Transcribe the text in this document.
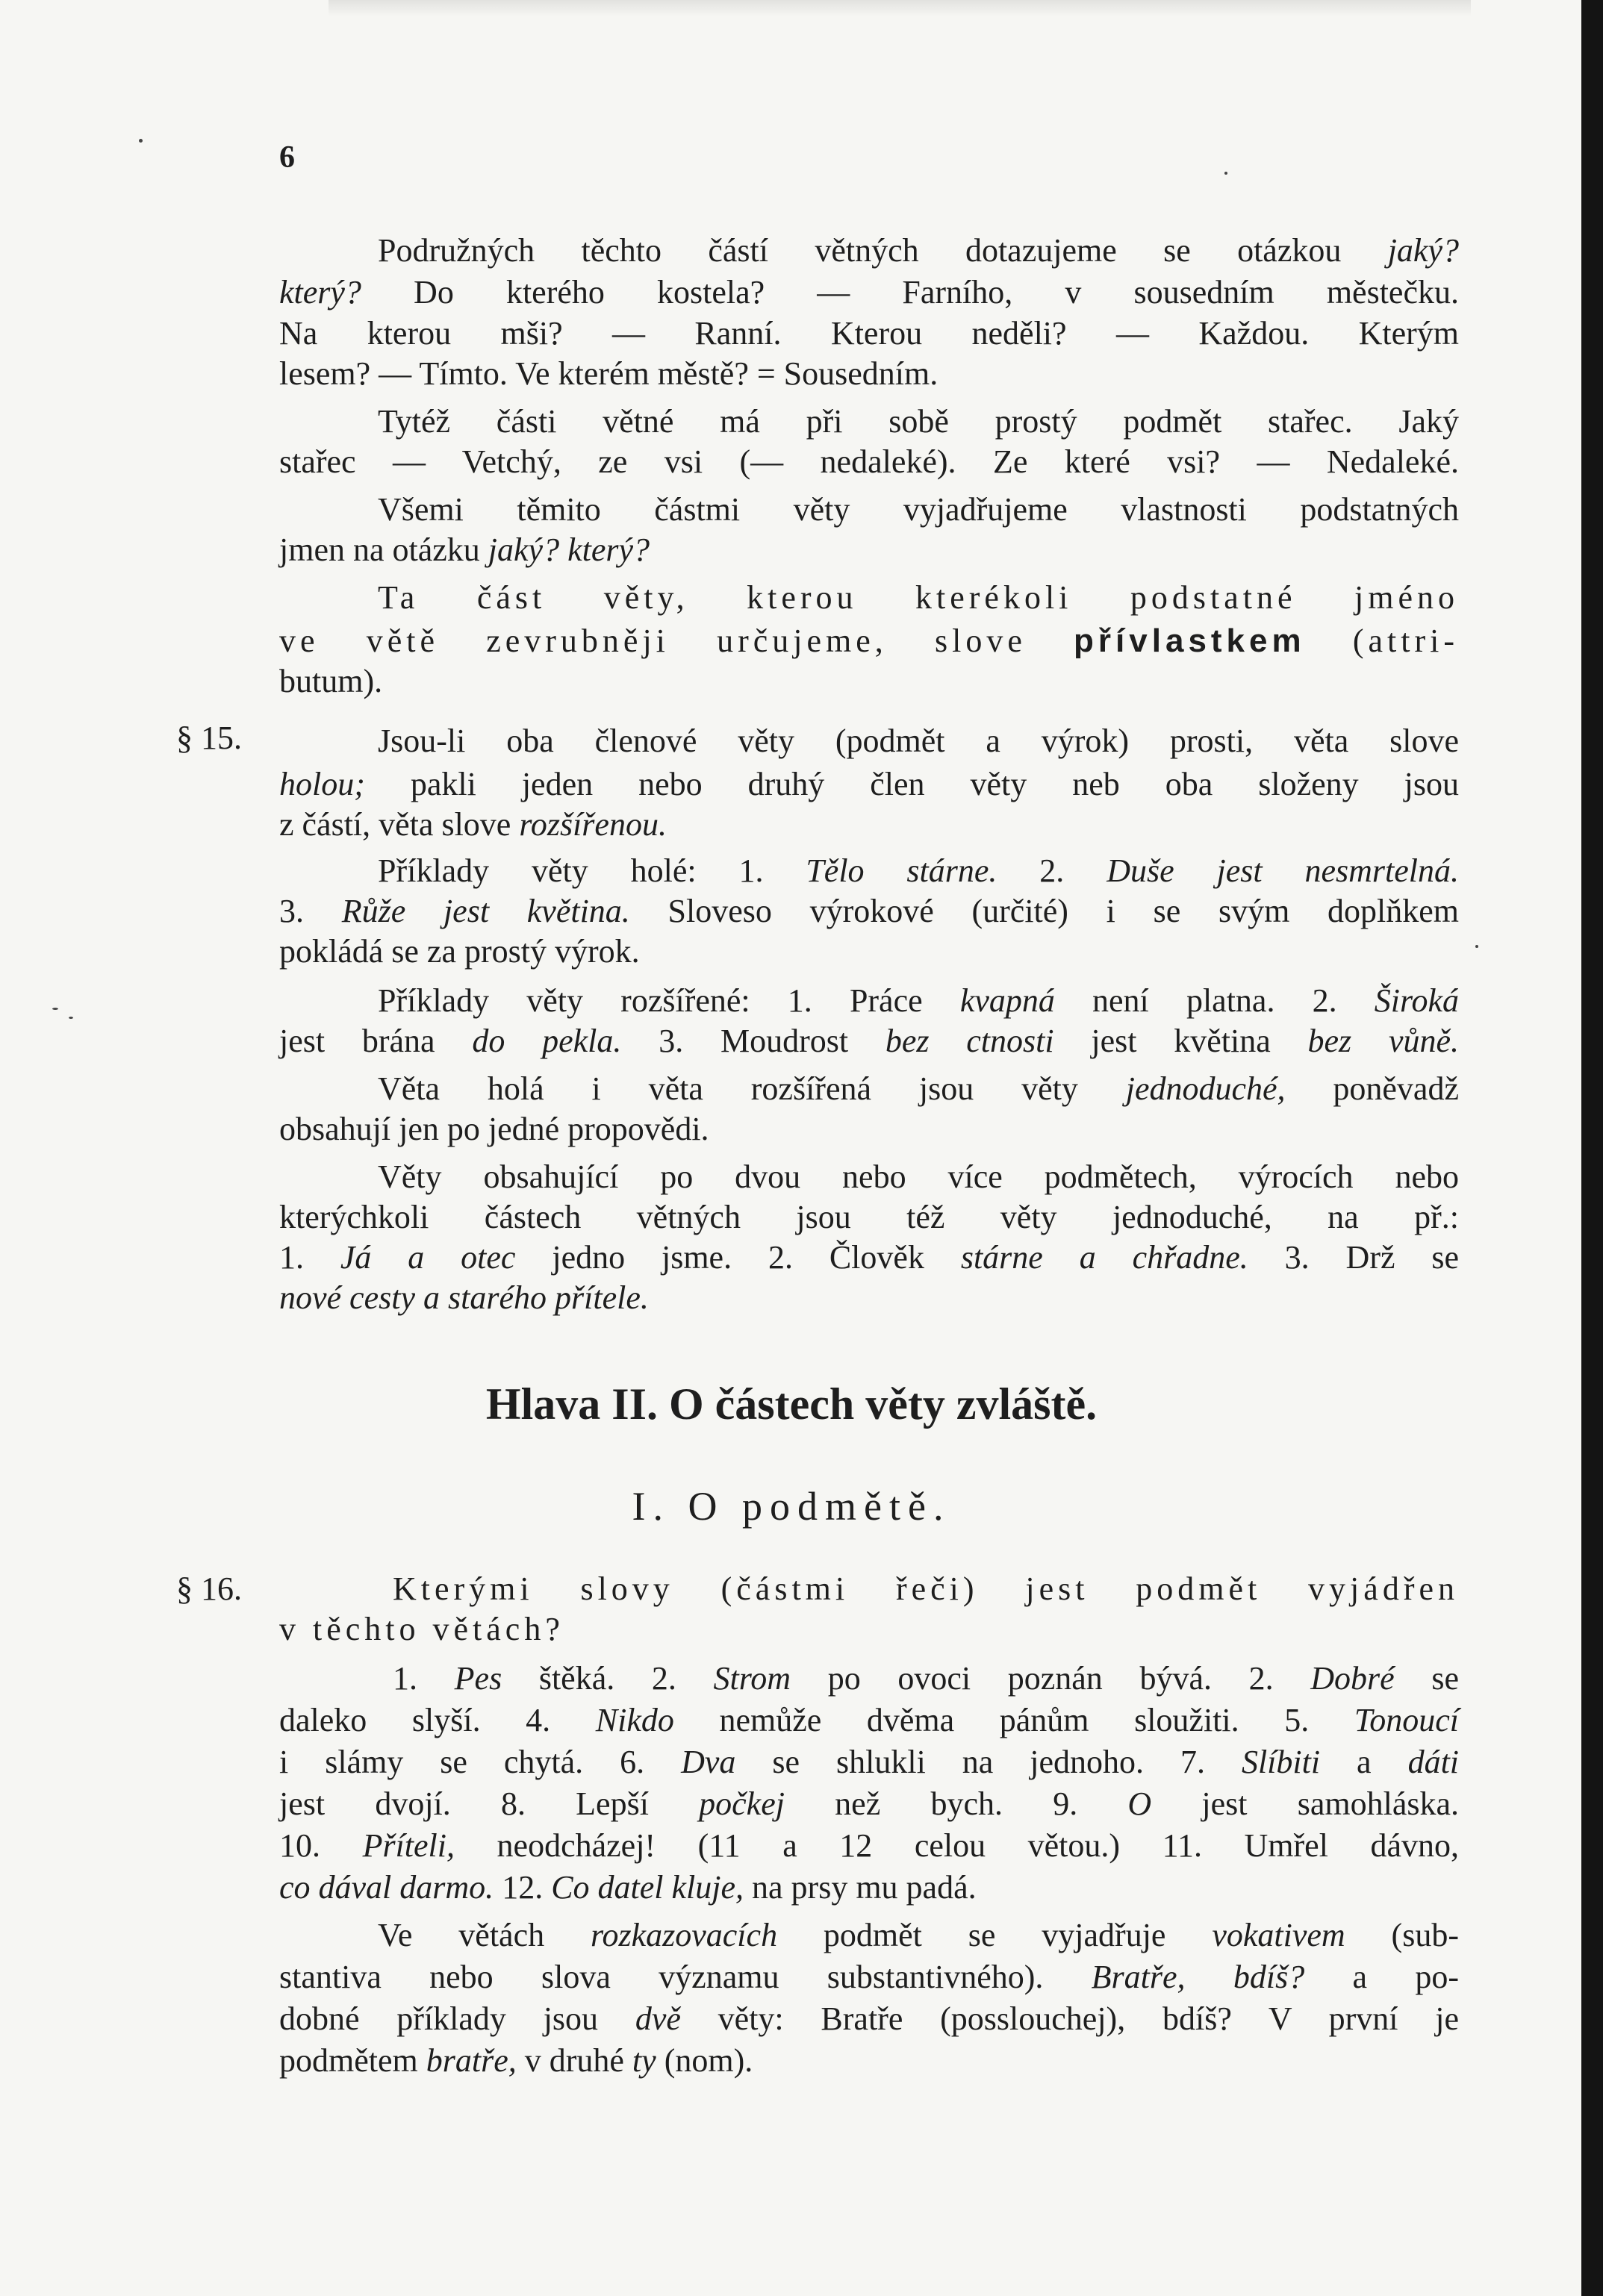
6
Podružných těchto částí větných dotazujeme se otázkou jaký?
který? Do kterého kostela? — Farního, v sousedním městečku.
Na kterou mši? — Ranní. Kterou neděli? — Každou. Kterým
lesem? — Tímto. Ve kterém městě? = Sousedním.
Tytéž části větné má při sobě prostý podmět stařec. Jaký
stařec — Vetchý, ze vsi (— nedaleké). Ze které vsi? — Nedaleké.
Všemi těmito částmi věty vyjadřujeme vlastnosti podstatných
jmen na otázku jaký? který?
Ta část věty, kterou kterékoli podstatné jméno
ve větě zevrubněji určujeme, slove přívlastkem (attri-
butum).
§ 15.	Jsou-li oba členové věty (podmět a výrok) prosti, věta slove
holou; pakli jeden nebo druhý člen věty neb oba složeny jsou
z částí, věta slove rozšířenou.
Příklady věty holé: 1. Tělo stárne. 2. Duše jest nesmrtelná.
3. Růže jest květina. Sloveso výrokové (určité) i se svým doplňkem
pokládá se za prostý výrok.
Příklady věty rozšířené: 1. Práce kvapná není platna. 2. Široká
jest brána do pekla. 3. Moudrost bez ctnosti jest květina bez vůně.
Věta holá i věta rozšířená jsou věty jednoduché, poněvadž
obsahují jen po jedné propovědi.
Věty obsahující po dvou nebo více podmětech, výrocích nebo
kterýchkoli částech větných jsou též věty jednoduché, na př.:
1. Já a otec jedno jsme. 2. Člověk stárne a chřadne. 3. Drž se
nové cesty a starého přítele.
Hlava II. O částech věty zvláště.
I. O podmětě.
§ 16.	Kterými slovy (částmi řeči) jest podmět vyjádřen
v těchto větách?
1. Pes štěká. 2. Strom po ovoci poznán bývá. 2. Dobré se
daleko slyší. 4. Nikdo nemůže dvěma pánům sloužiti. 5. Tonoucí
i slámy se chytá. 6. Dva se shlukli na jednoho. 7. Slíbiti a dáti
jest dvojí. 8. Lepší počkej než bych. 9. O jest samohláska.
10. Příteli, neodcházej! (11 a 12 celou větou.) 11. Umřel dávno,
co dával darmo. 12. Co datel kluje, na prsy mu padá.
Ve větách rozkazovacích podmět se vyjadřuje vokativem (sub-
stantiva nebo slova významu substantivného). Bratře, bdíš? a po-
dobné příklady jsou dvě věty: Bratře (posslouchej), bdíš? V první je
podmětem bratře, v druhé ty (nom).
